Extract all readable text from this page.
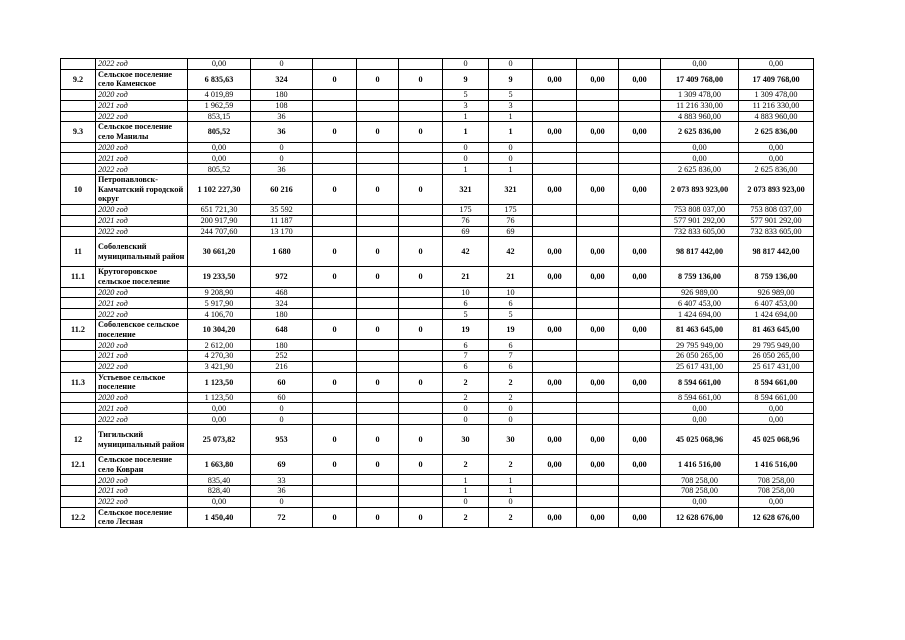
	2022 год	0,00	0				0	0				0,00	0,00
9.2	Сельское поселение село Каменское	6 835,63	324	0	0	0	9	9	0,00	0,00	0,00	17 409 768,00	17 409 768,00
	2020 год	4 019,89	180				5	5				1 309 478,00	1 309 478,00
	2021 год	1 962,59	108				3	3				11 216 330,00	11 216 330,00
	2022 год	853,15	36				1	1				4 883 960,00	4 883 960,00
9.3	Сельское поселение село Манилы	805,52	36	0	0	0	1	1	0,00	0,00	0,00	2 625 836,00	2 625 836,00
	2020 год	0,00	0				0	0				0,00	0,00
	2021 год	0,00	0				0	0				0,00	0,00
	2022 год	805,52	36				1	1				2 625 836,00	2 625 836,00
10	Петропавловск-Камчатский городской округ	1 102 227,30	60 216	0	0	0	321	321	0,00	0,00	0,00	2 073 893 923,00	2 073 893 923,00
	2020 год	651 721,30	35 592				175	175				753 808 037,00	753 808 037,00
	2021 год	200 917,90	11 187				76	76				577 901 292,00	577 901 292,00
	2022 год	244 707,60	13 170				69	69				732 833 605,00	732 833 605,00
11	Соболевский муниципальный район	30 661,20	1 680	0	0	0	42	42	0,00	0,00	0,00	98 817 442,00	98 817 442,00
11.1	Крутогоровское сельское поселение	19 233,50	972	0	0	0	21	21	0,00	0,00	0,00	8 759 136,00	8 759 136,00
	2020 год	9 208,90	468				10	10				926 989,00	926 989,00
	2021 год	5 917,90	324				6	6				6 407 453,00	6 407 453,00
	2022 год	4 106,70	180				5	5				1 424 694,00	1 424 694,00
11.2	Соболевское сельское поселение	10 304,20	648	0	0	0	19	19	0,00	0,00	0,00	81 463 645,00	81 463 645,00
	2020 год	2 612,00	180				6	6				29 795 949,00	29 795 949,00
	2021 год	4 270,30	252				7	7				26 050 265,00	26 050 265,00
	2022 год	3 421,90	216				6	6				25 617 431,00	25 617 431,00
11.3	Устьевое сельское поселение	1 123,50	60	0	0	0	2	2	0,00	0,00	0,00	8 594 661,00	8 594 661,00
	2020 год	1 123,50	60				2	2				8 594 661,00	8 594 661,00
	2021 год	0,00	0				0	0				0,00	0,00
	2022 год	0,00	0				0	0				0,00	0,00
12	Тигильский муниципальный район	25 073,82	953	0	0	0	30	30	0,00	0,00	0,00	45 025 068,96	45 025 068,96
12.1	Сельское поселение село Ковран	1 663,80	69	0	0	0	2	2	0,00	0,00	0,00	1 416 516,00	1 416 516,00
	2020 год	835,40	33				1	1				708 258,00	708 258,00
	2021 год	828,40	36				1	1				708 258,00	708 258,00
	2022 год	0,00	0				0	0				0,00	0,00
12.2	Сельское поселение село Лесная	1 450,40	72	0	0	0	2	2	0,00	0,00	0,00	12 628 676,00	12 628 676,00
